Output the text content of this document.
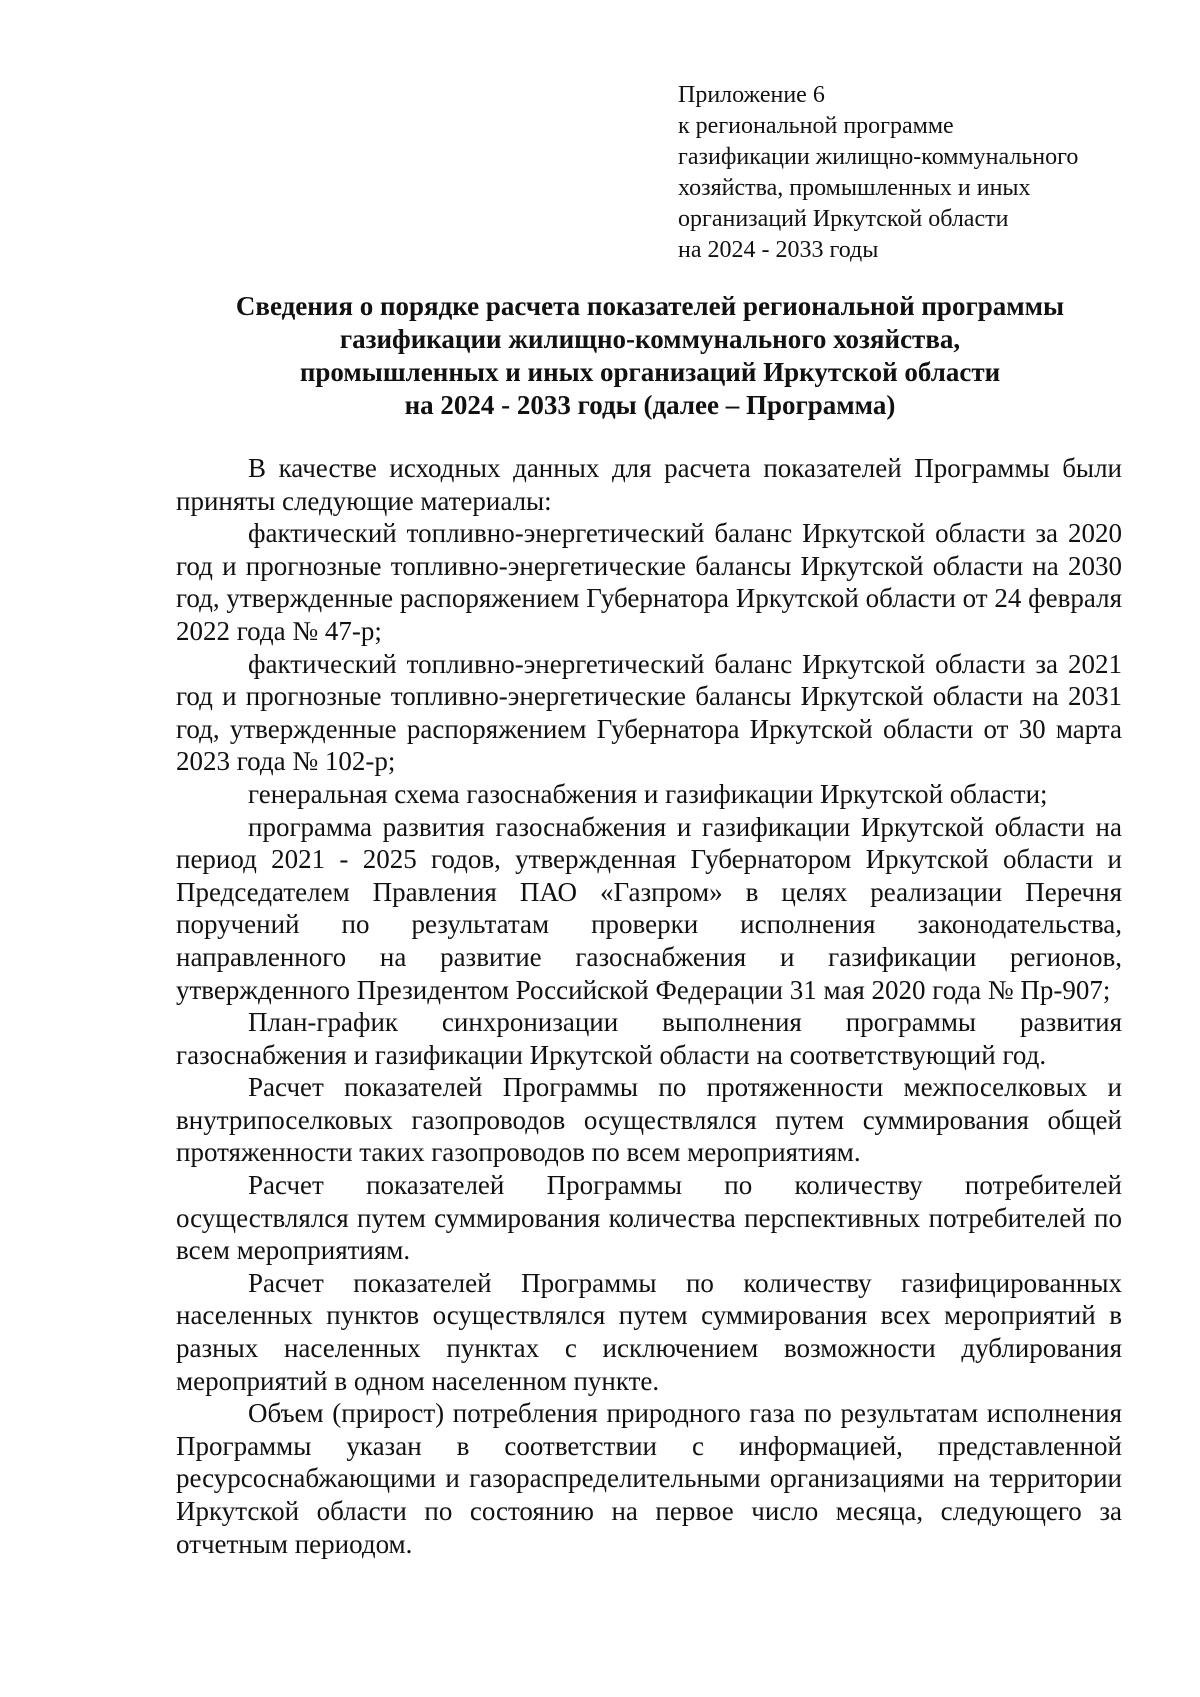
Приложение 6
к региональной программе
газификации жилищно-коммунального
хозяйства, промышленных и иных
организаций Иркутской области
на 2024 - 2033 годы
Сведения о порядке расчета показателей региональной программы
газификации жилищно-коммунального хозяйства,
промышленных и иных организаций Иркутской области
на 2024 - 2033 годы (далее – Программа)

В качестве исходных данных для расчета показателей Программы были приняты следующие материалы:

фактический топливно-энергетический баланс Иркутской области за 2020 год и прогнозные топливно-энергетические балансы Иркутской области на 2030 год, утвержденные распоряжением Губернатора Иркутской области от 24 февраля 2022 года № 47-р;

фактический топливно-энергетический баланс Иркутской области за 2021 год и прогнозные топливно-энергетические балансы Иркутской области на 2031 год, утвержденные распоряжением Губернатора Иркутской области от 30 марта 2023 года № 102-р;

генеральная схема газоснабжения и газификации Иркутской области;

программа развития газоснабжения и газификации Иркутской области на период 2021 - 2025 годов, утвержденная Губернатором Иркутской области и Председателем Правления ПАО «Газпром» в целях реализации Перечня поручений по результатам проверки исполнения законодательства, направленного на развитие газоснабжения и газификации регионов, утвержденного Президентом Российской Федерации 31 мая 2020 года № Пр-907;

План-график синхронизации выполнения программы развития газоснабжения и газификации Иркутской области на соответствующий год.

Расчет показателей Программы по протяженности межпоселковых и внутрипоселковых газопроводов осуществлялся путем суммирования общей протяженности таких газопроводов по всем мероприятиям.

Расчет показателей Программы по количеству потребителей осуществлялся путем суммирования количества перспективных потребителей по всем мероприятиям.

Расчет показателей Программы по количеству газифицированных населенных пунктов осуществлялся путем суммирования всех мероприятий в разных населенных пунктах с исключением возможности дублирования мероприятий в одном населенном пункте.

Объем (прирост) потребления природного газа по результатам исполнения Программы указан в соответствии с информацией, представленной ресурсоснабжающими и газораспределительными организациями на территории Иркутской области по состоянию на первое число месяца, следующего за отчетным периодом.
